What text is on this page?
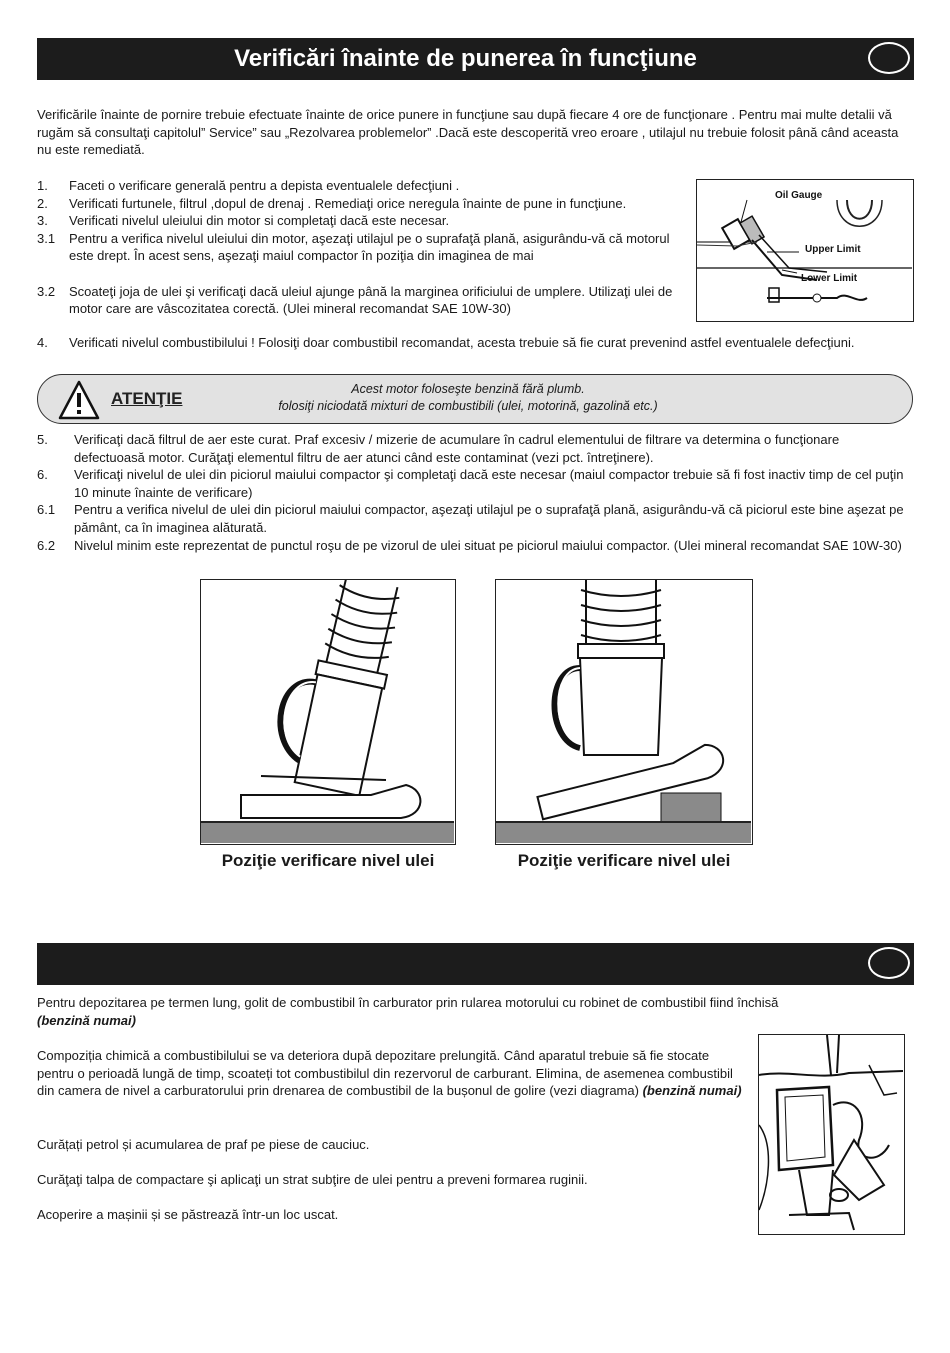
Verificări înainte de punerea în funcţiune
Verificările înainte de pornire trebuie efectuate înainte de orice punere in funcţiune sau după fiecare 4 ore de funcţionare . Pentru mai multe detalii vă rugăm să consultaţi capitolul” Service” sau „Rezolvarea problemelor” .Dacă este descoperită vreo eroare , utilajul nu trebuie folosit până când aceasta nu este remediată.
1. Faceti o verificare generală pentru a depista eventualele defecţiuni .
2. Verificati furtunele, filtrul ,dopul de drenaj . Remediaţi orice neregula înainte de pune in funcţiune.
3. Verificati nivelul uleiului din motor si completaţi dacă este necesar.
3.1 Pentru a verifica nivelul uleiului din motor, aşezaţi utilajul pe o suprafaţă plană, asigurându-vă că motorul este drept. În acest sens, aşezaţi maiul compactor în poziţia din imaginea de mai
3.2 Scoateţi joja de ulei şi verificaţi dacă uleiul ajunge până la marginea orificiului de umplere. Utilizaţi ulei de motor care are vâscozitatea corectă. (Ulei mineral recomandat SAE 10W-30)
4. Verificati nivelul combustibilului ! Folosiţi doar combustibil recomandat, acesta trebuie să fie curat prevenind astfel eventualele defecţiuni.
Oil Gauge
Upper Limit
Lower Limit
ATENŢIE	Acest motor foloseşte benzină fără plumb.
folosiţi niciodată mixturi de combustibili (ulei, motorină, gazolină etc.)
5. Verificaţi dacă filtrul de aer este curat. Praf excesiv / mizerie de acumulare în cadrul elementului de filtrare va determina o funcţionare defectuoasă motor. Curăţaţi elementul filtru de aer atunci când este contaminat (vezi pct. întreţinere).
6. Verificaţi nivelul de ulei din piciorul maiului compactor şi completaţi dacă este necesar (maiul compactor trebuie să fi fost inactiv timp de cel puţin 10 minute înainte de verificare)
6.1 Pentru a verifica nivelul de ulei din piciorul maiului compactor, aşezaţi utilajul pe o suprafaţă plană, asigurându-vă că piciorul este bine aşezat pe pământ, ca în imaginea alăturată.
6.2 Nivelul minim este reprezentat de punctul roşu de pe vizorul de ulei situat pe piciorul maiului compactor. (Ulei mineral recomandat SAE 10W-30)
Poziţie verificare nivel ulei	Poziţie verificare nivel ulei
Pentru depozitarea pe termen lung, golit de combustibil în carburator prin rularea motorului cu robinet de combustibil fiind închisă
(benzină numai)
Compoziția chimică a combustibilului se va deteriora după depozitare prelungită. Când aparatul trebuie să fie stocate pentru o perioadă lungă de timp, scoateți tot combustibilul din rezervorul de carburant. Elimina, de asemenea combustibil din camera de nivel a carburatorului prin drenarea de combustibil de la bușonul de golire (vezi diagrama) (benzină numai)
Curățați petrol și acumularea de praf pe piese de cauciuc.
Curăţaţi talpa de compactare şi aplicaţi un strat subţire de ulei pentru a preveni formarea ruginii.
Acoperire a mașinii și se păstrează într-un loc uscat.
